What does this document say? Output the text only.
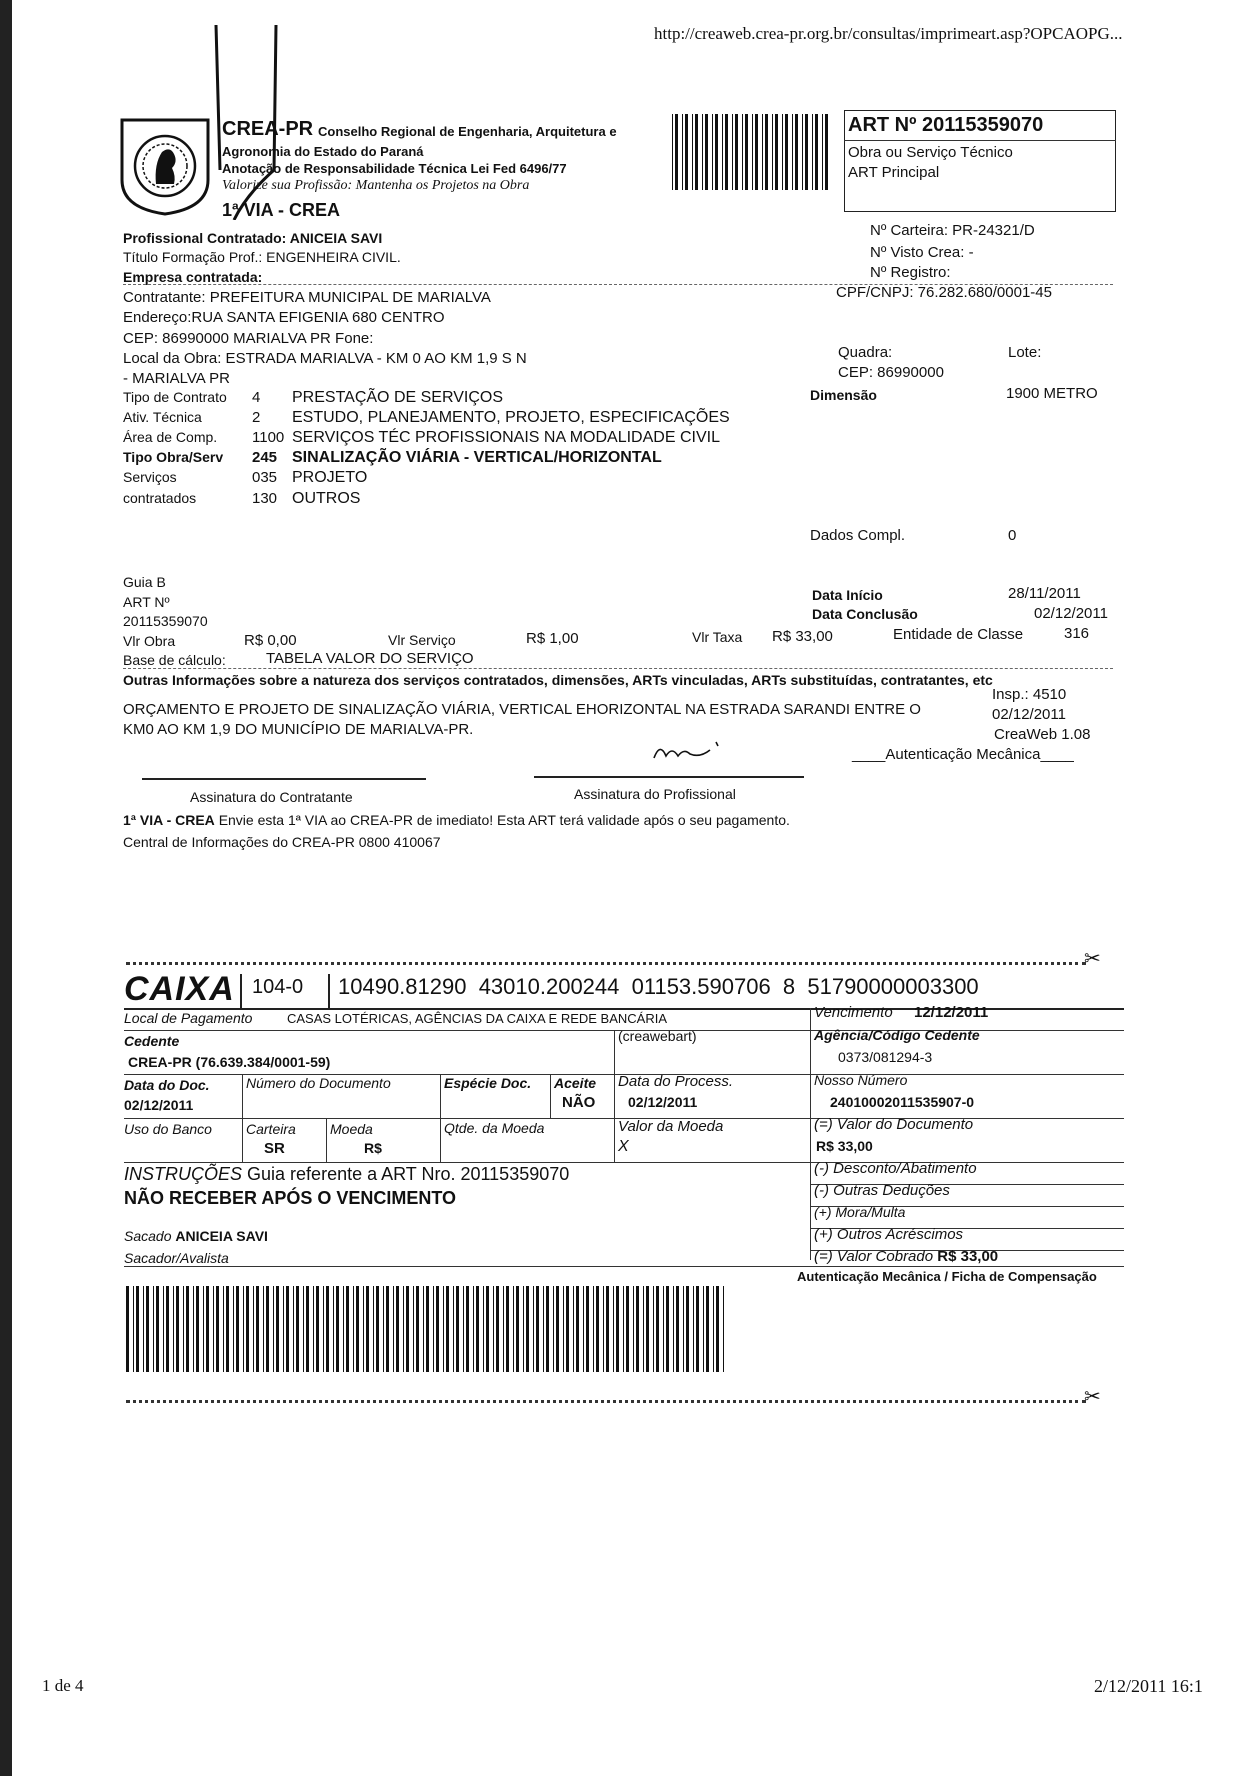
http://creaweb.crea-pr.org.br/consultas/imprimeart.asp?OPCAOPG...
1 de 4	2/12/2011 16:1
CREA-PR Conselho Regional de Engenharia, Arquitetura e
Agronomia do Estado do Paraná
Anotação de Responsabilidade Técnica Lei Fed 6496/77
Valorize sua Profissão: Mantenha os Projetos na Obra
1ª VIA - CREA
ART Nº 20115359070
Obra ou Serviço Técnico
ART Principal
Profissional Contratado: ANICEIA SAVI
Título Formação Prof.: ENGENHEIRA CIVIL.
Empresa contratada:
Nº Carteira: PR-24321/D
Nº Visto Crea: -
Nº Registro:
Contratante: PREFEITURA MUNICIPAL DE MARIALVA	CPF/CNPJ: 76.282.680/0001-45
Endereço:RUA SANTA EFIGENIA 680 CENTRO
CEP: 86990000 MARIALVA PR Fone:
Local da Obra: ESTRADA MARIALVA - KM 0 AO KM 1,9 S N
- MARIALVA PR
Quadra:	Lote:
CEP: 86990000
Dimensão	1900 METRO
Tipo de Contrato 4 PRESTAÇÃO DE SERVIÇOS
Ativ. Técnica	2 ESTUDO, PLANEJAMENTO, PROJETO, ESPECIFICAÇÕES
Área de Comp. 1100 SERVIÇOS TÉC PROFISSIONAIS NA MODALIDADE CIVIL
Tipo Obra/Serv 245 SINALIZAÇÃO VIÁRIA - VERTICAL/HORIZONTAL
Serviços	035 PROJETO
contratados	130 OUTROS
Dados Compl.	0
Guia B
ART Nº
20115359070
Data Início	28/11/2011
Data Conclusão	02/12/2011
Vlr Obra	R$ 0,00	Vlr Serviço	R$ 1,00	Vlr Taxa R$ 33,00	Entidade de Classe	316
Base de cálculo:	TABELA VALOR DO SERVIÇO
Outras Informações sobre a natureza dos serviços contratados, dimensões, ARTs vinculadas, ARTs substituídas, contratantes, etc
ORÇAMENTO E PROJETO DE SINALIZAÇÃO VIÁRIA, VERTICAL EHORIZONTAL NA ESTRADA SARANDI ENTRE O
KM0 AO KM 1,9 DO MUNICÍPIO DE MARIALVA-PR.
Insp.: 4510
02/12/2011
CreaWeb 1.08
____Autenticação Mecânica____
Assinatura do Contratante	Assinatura do Profissional
1ª VIA - CREA Envie esta 1ª VIA ao CREA-PR de imediato! Esta ART terá validade após o seu pagamento.
Central de Informações do CREA-PR 0800 410067
✂
CAIXA 104-0 10490.81290  43010.200244  01153.590706  8  51790000003300
Local de Pagamento	CASAS LOTÉRICAS, AGÊNCIAS DA CAIXA E REDE BANCÁRIA	Vencimento 12/12/2011
Cedente	(creawebart)
CREA-PR (76.639.384/0001-59)
Agência/Código Cedente
0373/081294-3
Data do Doc.
02/12/2011
Número do Documento	Espécie Doc. Aceite
NÃO
Data do Process.
02/12/2011
Nosso Número
24010002011535907-0
Uso do Banco Carteira
SR
Moeda
R$
Qtde. da Moeda	Valor da Moeda
X
(=) Valor do Documento
R$ 33,00
INSTRUÇÕES Guia referente a ART Nro. 20115359070
NÃO RECEBER APÓS O VENCIMENTO
(-) Desconto/Abatimento
(-) Outras Deduções
(+) Mora/Multa
(+) Outros Acréscimos
(=) Valor Cobrado R$ 33,00
Sacado ANICEIA SAVI
Sacador/Avalista
Autenticação Mecânica / Ficha de Compensação
✂
